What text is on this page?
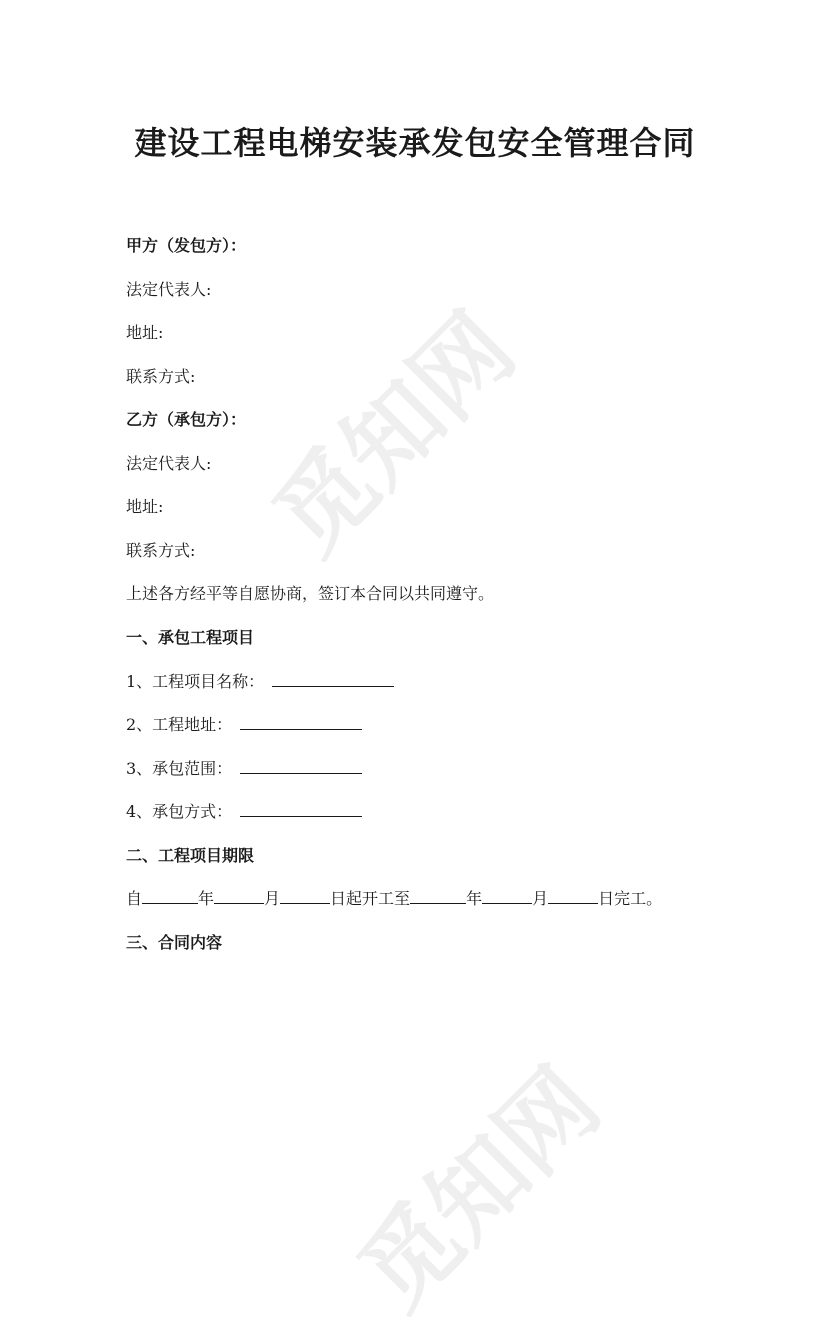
建设工程电梯安装承发包安全管理合同
觅知网
觅知网

甲方（发包方）：

法定代表人:

地址:

联系方式:

乙方（承包方）：

法定代表人:

地址:

联系方式:

上述各方经平等自愿协商，签订本合同以共同遵守。

一、承包工程项目

1、工程项目名称：
2、工程地址：
3、承包范围：
4、承包方式：

二、工程项目期限

自	年	月	日起开工至	年	月	日完工。

三、合同内容
